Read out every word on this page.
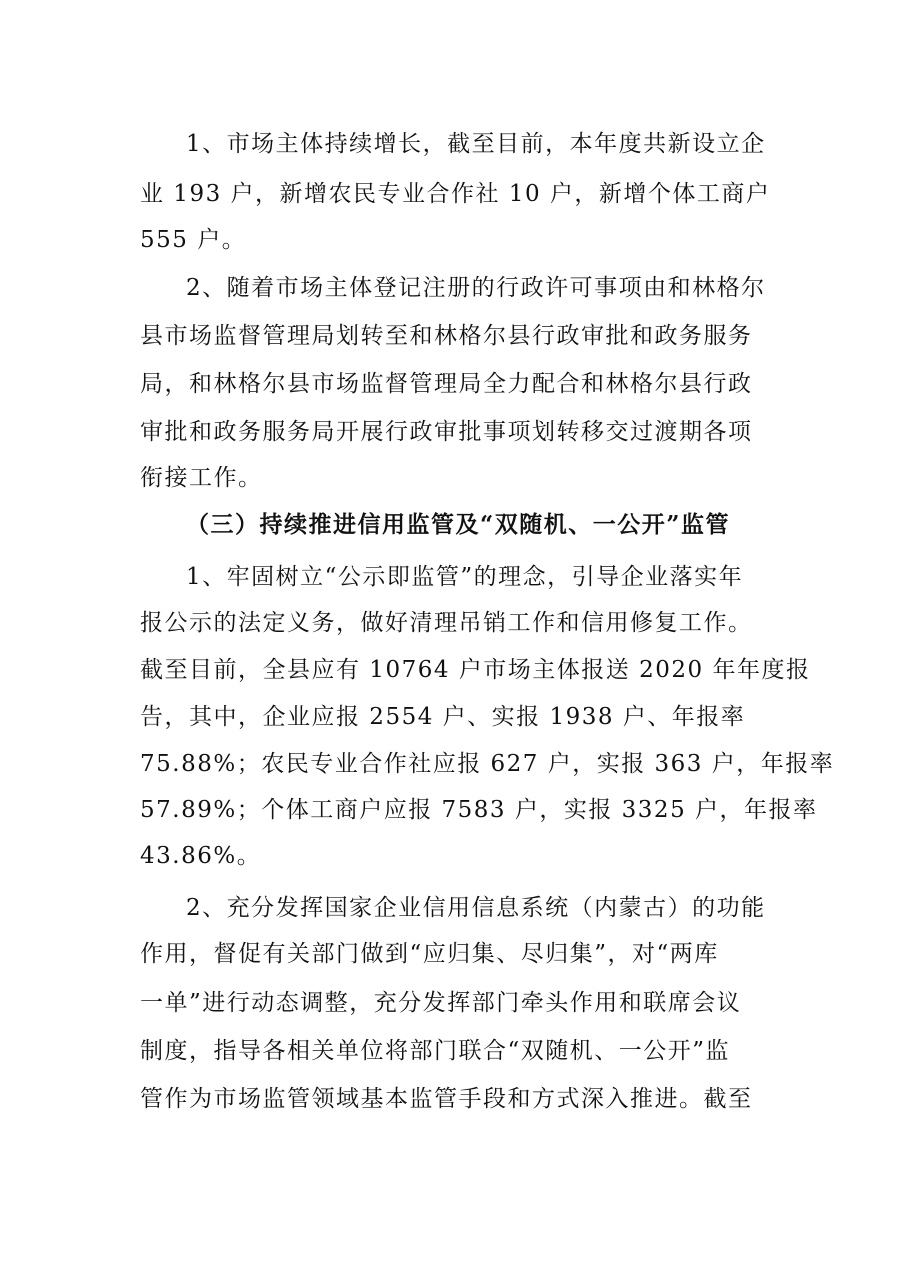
1、市场主体持续增长，截至目前，本年度共新设立企
业 193 户，新增农民专业合作社 10 户，新增个体工商户
555 户。
2、随着市场主体登记注册的行政许可事项由和林格尔
县市场监督管理局划转至和林格尔县行政审批和政务服务
局，和林格尔县市场监督管理局全力配合和林格尔县行政
审批和政务服务局开展行政审批事项划转移交过渡期各项
衔接工作。
（三）持续推进信用监管及“双随机、一公开”监管
1、牢固树立“公示即监管”的理念，引导企业落实年
报公示的法定义务，做好清理吊销工作和信用修复工作。
截至目前，全县应有 10764 户市场主体报送 2020 年年度报
告，其中，企业应报 2554 户、实报 1938 户、年报率
75.88%；农民专业合作社应报 627 户，实报 363 户，年报率
57.89%；个体工商户应报 7583 户，实报 3325 户，年报率
43.86%。
2、充分发挥国家企业信用信息系统（内蒙古）的功能
作用，督促有关部门做到“应归集、尽归集”，对“两库
一单”进行动态调整，充分发挥部门牵头作用和联席会议
制度，指导各相关单位将部门联合“双随机、一公开”监
管作为市场监管领域基本监管手段和方式深入推进。截至
